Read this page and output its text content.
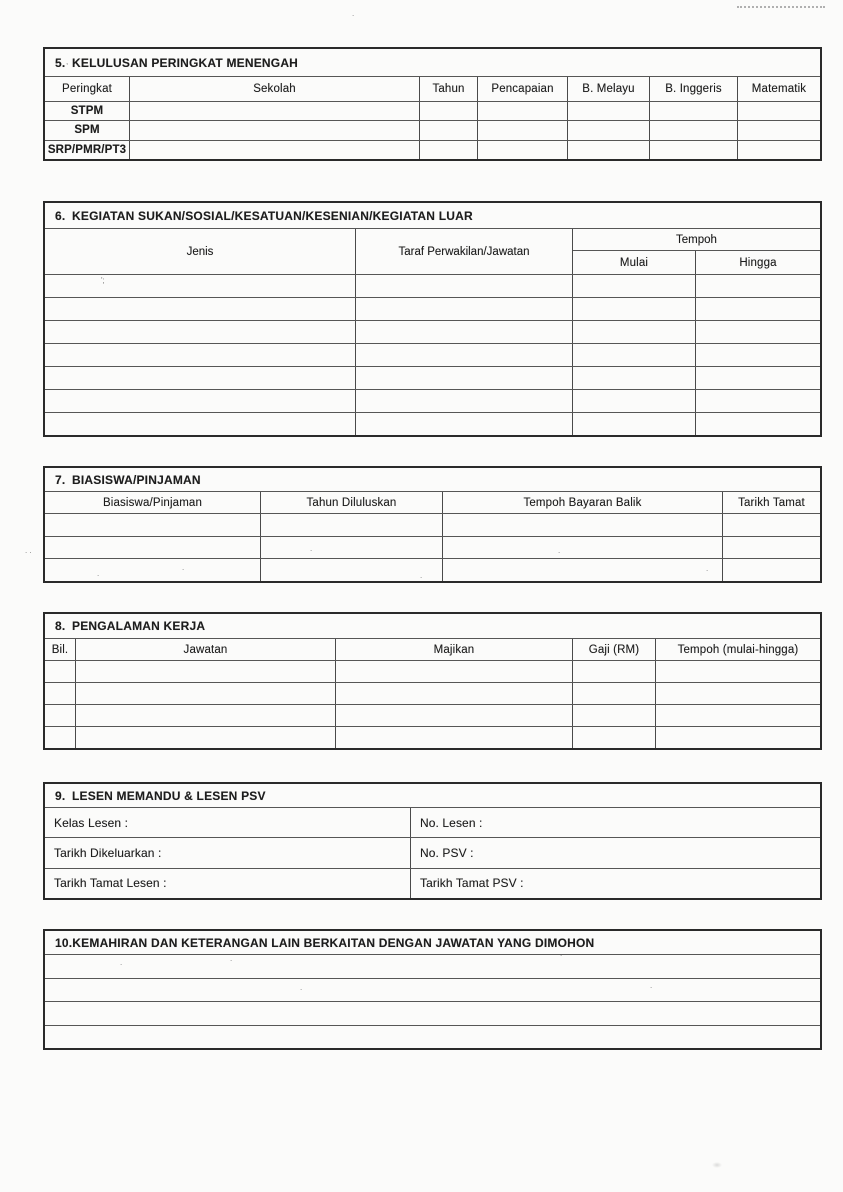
.
,
';
. .	.	.
.	.
.	.
.
.
.
.
.
5. KELULUSAN PERINGKAT MENENGAH
Peringkat	Sekolah	Tahun	Pencapaian	B. Melayu	B. Inggeris	Matematik
STPM
SPM
SRP/PMR/PT3
6. KEGIATAN SUKAN/SOSIAL/KESATUAN/KESENIAN/KEGIATAN LUAR
Jenis	Taraf Perwakilan/Jawatan
Tempoh
Mulai	Hingga
7. BIASISWA/PINJAMAN
Biasiswa/Pinjaman	Tahun Diluluskan	Tempoh Bayaran Balik	Tarikh Tamat
8. PENGALAMAN KERJA
Bil.	Jawatan	Majikan	Gaji (RM)	Tempoh (mulai-hingga)
9. LESEN MEMANDU & LESEN PSV
Kelas Lesen :	No. Lesen :
Tarikh Dikeluarkan :	No. PSV :
Tarikh Tamat Lesen :	Tarikh Tamat PSV :
10. KEMAHIRAN DAN KETERANGAN LAIN BERKAITAN DENGAN JAWATAN YANG DIMOHON
